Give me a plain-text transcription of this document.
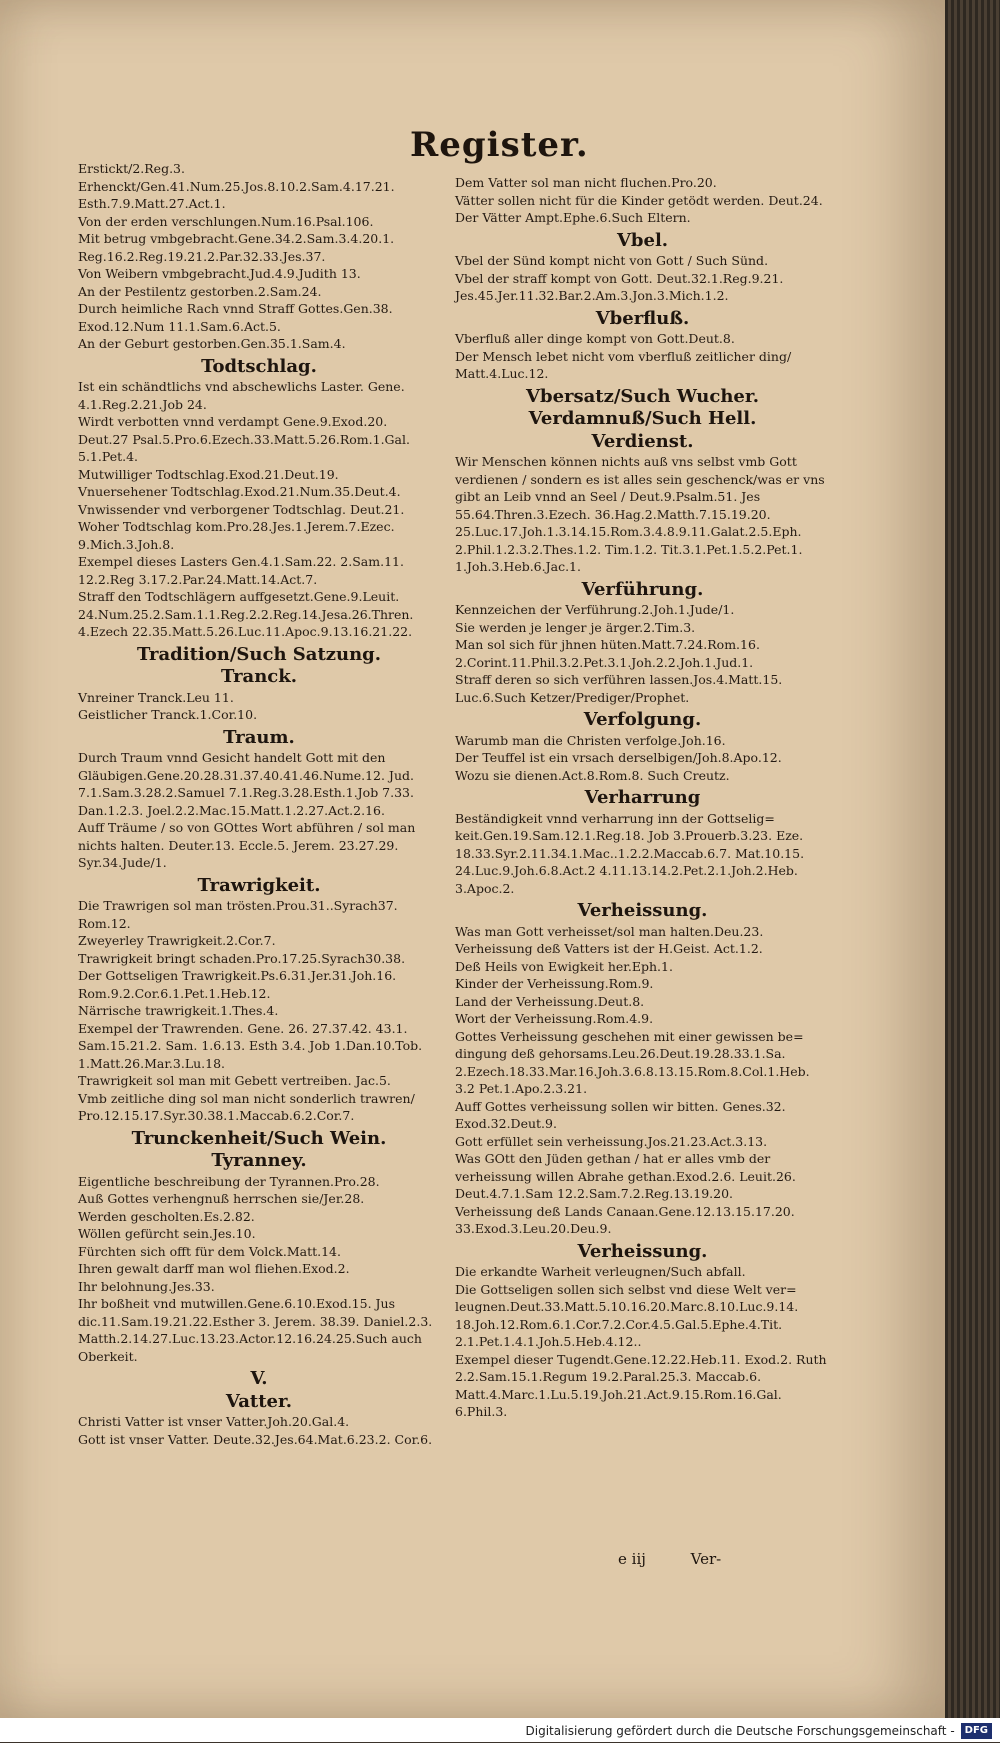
Register.
Erstickt/2.Reg.3.
Erhenckt/Gen.41.Num.25.Jos.8.10.2.Sam.4.17.21.
Esth.7.9.Matt.27.Act.1.
Von der erden verschlungen.Num.16.Psal.106.
Mit betrug vmbgebracht.Gene.34.2.Sam.3.4.20.1.
Reg.16.2.Reg.19.21.2.Par.32.33.Jes.37.
Von Weibern vmbgebracht.Jud.4.9.Judith 13.
An der Pestilentz gestorben.2.Sam.24.
Durch heimliche Rach vnnd Straff Gottes.Gen.38.
Exod.12.Num 11.1.Sam.6.Act.5.
An der Geburt gestorben.Gen.35.1.Sam.4.
Todtschlag.
Ist ein schändtlichs vnd abschewlichs Laster. Gene. 4.1.Reg.2.21.Job 24.
Wirdt verbotten vnnd verdampt Gene.9.Exod.20. Deut.27 Psal.5.Pro.6.Ezech.33.Matt.5.26.Rom.1.Gal. 5.1.Pet.4.
Mutwilliger Todtschlag.Exod.21.Deut.19.
Vnuersehener Todtschlag.Exod.21.Num.35.Deut.4.
Vnwissender vnd verborgener Todtschlag. Deut.21.
Woher Todtschlag kom.Pro.28.Jes.1.Jerem.7.Ezec. 9.Mich.3.Joh.8.
Exempel dieses Lasters Gen.4.1.Sam.22. 2.Sam.11. 12.2.Reg 3.17.2.Par.24.Matt.14.Act.7.
Straff den Todtschlägern auffgesetzt.Gene.9.Leuit. 24.Num.25.2.Sam.1.1.Reg.2.2.Reg.14.Jesa.26.Thren. 4.Ezech 22.35.Matt.5.26.Luc.11.Apoc.9.13.16.21.22.
Tradition/Such Satzung.
Tranck.
Vnreiner Tranck.Leu 11.
Geistlicher Tranck.1.Cor.10.
Traum.
Durch Traum vnnd Gesicht handelt Gott mit den Gläubigen.Gene.20.28.31.37.40.41.46.Nume.12. Jud. 7.1.Sam.3.28.2.Samuel 7.1.Reg.3.28.Esth.1.Job 7.33. Dan.1.2.3. Joel.2.2.Mac.15.Matt.1.2.27.Act.2.16.
Auff Träume / so von GOttes Wort abführen / sol man nichts halten. Deuter.13. Eccle.5. Jerem. 23.27.29. Syr.34.Jude/1.
Trawrigkeit.
Die Trawrigen sol man trösten.Prou.31..Syrach37. Rom.12.
Zweyerley Trawrigkeit.2.Cor.7.
Trawrigkeit bringt schaden.Pro.17.25.Syrach30.38.
Der Gottseligen Trawrigkeit.Ps.6.31.Jer.31.Joh.16. Rom.9.2.Cor.6.1.Pet.1.Heb.12.
Närrische trawrigkeit.1.Thes.4.
Exempel der Trawrenden. Gene. 26. 27.37.42. 43.1. Sam.15.21.2. Sam. 1.6.13. Esth 3.4. Job 1.Dan.10.Tob. 1.Matt.26.Mar.3.Lu.18.
Trawrigkeit sol man mit Gebett vertreiben. Jac.5.
Vmb zeitliche ding sol man nicht sonderlich trawren/ Pro.12.15.17.Syr.30.38.1.Maccab.6.2.Cor.7.
Trunckenheit/Such Wein.
Tyranney.
Eigentliche beschreibung der Tyrannen.Pro.28.
Auß Gottes verhengnuß herrschen sie/Jer.28.
Werden gescholten.Es.2.82.
Wöllen gefürcht sein.Jes.10.
Fürchten sich offt für dem Volck.Matt.14.
Ihren gewalt darff man wol fliehen.Exod.2.
Ihr belohnung.Jes.33.
Ihr boßheit vnd mutwillen.Gene.6.10.Exod.15. Jus dic.11.Sam.19.21.22.Esther 3. Jerem. 38.39. Daniel.2.3. Matth.2.14.27.Luc.13.23.Actor.12.16.24.25.Such auch Oberkeit.
V.
Vatter.
Christi Vatter ist vnser Vatter.Joh.20.Gal.4.
Gott ist vnser Vatter. Deute.32.Jes.64.Mat.6.23.2. Cor.6.
Dem Vatter sol man nicht fluchen.Pro.20.
Vätter sollen nicht für die Kinder getödt werden. Deut.24.
Der Vätter Ampt.Ephe.6.Such Eltern.
Vbel.
Vbel der Sünd kompt nicht von Gott / Such Sünd.
Vbel der straff kompt von Gott. Deut.32.1.Reg.9.21. Jes.45.Jer.11.32.Bar.2.Am.3.Jon.3.Mich.1.2.
Vberfluß.
Vberfluß aller dinge kompt von Gott.Deut.8.
Der Mensch lebet nicht vom vberfluß zeitlicher ding/ Matt.4.Luc.12.
Vbersatz/Such Wucher.
Verdamnuß/Such Hell.
Verdienst.
Wir Menschen können nichts auß vns selbst vmb Gott verdienen / sondern es ist alles sein geschenck/was er vns gibt an Leib vnnd an Seel / Deut.9.Psalm.51. Jes 55.64.Thren.3.Ezech. 36.Hag.2.Matth.7.15.19.20. 25.Luc.17.Joh.1.3.14.15.Rom.3.4.8.9.11.Galat.2.5.Eph. 2.Phil.1.2.3.2.Thes.1.2. Tim.1.2. Tit.3.1.Pet.1.5.2.Pet.1. 1.Joh.3.Heb.6.Jac.1.
Verführung.
Kennzeichen der Verführung.2.Joh.1.Jude/1.
Sie werden je lenger je ärger.2.Tim.3.
Man sol sich für jhnen hüten.Matt.7.24.Rom.16. 2.Corint.11.Phil.3.2.Pet.3.1.Joh.2.2.Joh.1.Jud.1.
Straff deren so sich verführen lassen.Jos.4.Matt.15. Luc.6.Such Ketzer/Prediger/Prophet.
Verfolgung.
Warumb man die Christen verfolge.Joh.16.
Der Teuffel ist ein vrsach derselbigen/Joh.8.Apo.12.
Wozu sie dienen.Act.8.Rom.8. Such Creutz.
Verharrung
Beständigkeit vnnd verharrung inn der Gottselig= keit.Gen.19.Sam.12.1.Reg.18. Job 3.Prouerb.3.23. Eze. 18.33.Syr.2.11.34.1.Mac..1.2.2.Maccab.6.7. Mat.10.15. 24.Luc.9.Joh.6.8.Act.2 4.11.13.14.2.Pet.2.1.Joh.2.Heb. 3.Apoc.2.
Verheissung.
Was man Gott verheisset/sol man halten.Deu.23.
Verheissung deß Vatters ist der H.Geist. Act.1.2.
Deß Heils von Ewigkeit her.Eph.1.
Kinder der Verheissung.Rom.9.
Land der Verheissung.Deut.8.
Wort der Verheissung.Rom.4.9.
Gottes Verheissung geschehen mit einer gewissen be= dingung deß gehorsams.Leu.26.Deut.19.28.33.1.Sa. 2.Ezech.18.33.Mar.16.Joh.3.6.8.13.15.Rom.8.Col.1.Heb. 3.2 Pet.1.Apo.2.3.21.
Auff Gottes verheissung sollen wir bitten. Genes.32. Exod.32.Deut.9.
Gott erfüllet sein verheissung.Jos.21.23.Act.3.13.
Was GOtt den Jüden gethan / hat er alles vmb der verheissung willen Abrahe gethan.Exod.2.6. Leuit.26. Deut.4.7.1.Sam 12.2.Sam.7.2.Reg.13.19.20.
Verheissung deß Lands Canaan.Gene.12.13.15.17.20. 33.Exod.3.Leu.20.Deu.9.
Verheissung.
Die erkandte Warheit verleugnen/Such abfall.
Die Gottseligen sollen sich selbst vnd diese Welt ver= leugnen.Deut.33.Matt.5.10.16.20.Marc.8.10.Luc.9.14. 18.Joh.12.Rom.6.1.Cor.7.2.Cor.4.5.Gal.5.Ephe.4.Tit. 2.1.Pet.1.4.1.Joh.5.Heb.4.12..
Exempel dieser Tugendt.Gene.12.22.Heb.11. Exod.2. Ruth 2.2.Sam.15.1.Regum 19.2.Paral.25.3. Maccab.6. Matt.4.Marc.1.Lu.5.19.Joh.21.Act.9.15.Rom.16.Gal. 6.Phil.3.
e iij	Ver-
Digitalisierung gefördert durch die Deutsche Forschungsgemeinschaft - DFG
